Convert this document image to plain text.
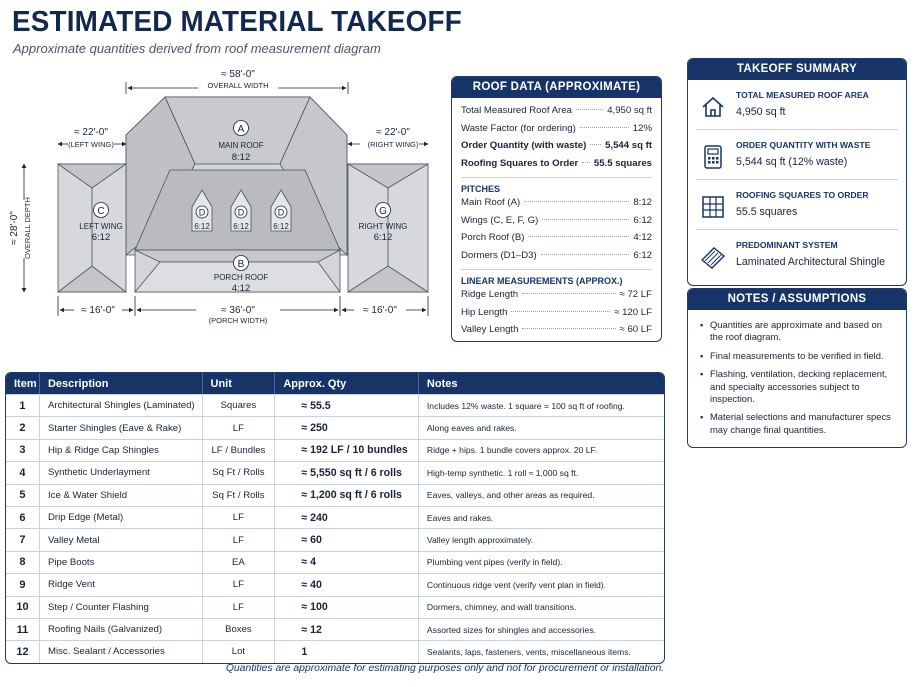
ESTIMATED MATERIAL TAKEOFF
Approximate quantities derived from roof measurement diagram
≈ 58'-0"
OVERALL WIDTH
≈ 22'-0"
(LEFT WING)
≈ 22'-0"
(RIGHT WING)
≈ 28'-0" OVERALL DEPTH	D
6:12
D
6:12
D
6:12
A
MAIN ROOF
8:12
C
LEFT WING
6:12
G
RIGHT WING
6:12
B
PORCH ROOF
4:12
≈ 16'-0"	≈ 36'-0"
(PORCH WIDTH)
≈ 16'-0"
ROOF DATA (APPROXIMATE)
Total Measured Roof Area	4,950 sq ft
Waste Factor (for ordering)	12%
Order Quantity (with waste) 5,544 sq ft
Roofing Squares to Order 55.5 squares
PITCHES
Main Roof (A)	8:12
Wings (C, E, F, G)	6:12
Porch Roof (B)	4:12
Dormers (D1–D3)	6:12
LINEAR MEASUREMENTS (APPROX.)
Ridge Length	≈ 72 LF
Hip Length	≈ 120 LF
Valley Length	≈ 60 LF
TAKEOFF SUMMARY
TOTAL MEASURED ROOF AREA
4,950 sq ft
ORDER QUANTITY WITH WASTE
5,544 sq ft (12% waste)
ROOFING SQUARES TO ORDER
55.5 squares
PREDOMINANT SYSTEM
Laminated Architectural Shingle
NOTES / ASSUMPTIONS
• Quantities are approximate and based on the roof diagram.
• Final measurements to be verified in field.
• Flashing, ventilation, decking replacement, and specialty accessories subject to inspection.
• Material selections and manufacturer specs may change final quantities.
Item	Description	Unit	Approx. Qty	Notes
1	Architectural Shingles (Laminated)	Squares	≈ 55.5	Includes 12% waste. 1 square = 100 sq ft of roofing.
2	Starter Shingles (Eave & Rake)	LF	≈ 250	Along eaves and rakes.
3	Hip & Ridge Cap Shingles	LF / Bundles	≈ 192 LF / 10 bundles	Ridge + hips. 1 bundle covers approx. 20 LF.
4	Synthetic Underlayment	Sq Ft / Rolls	≈ 5,550 sq ft / 6 rolls	High-temp synthetic. 1 roll ≈ 1,000 sq ft.
5	Ice & Water Shield	Sq Ft / Rolls	≈ 1,200 sq ft / 6 rolls	Eaves, valleys, and other areas as required.
6	Drip Edge (Metal)	LF	≈ 240	Eaves and rakes.
7	Valley Metal	LF	≈ 60	Valley length approximately.
8	Pipe Boots	EA	≈ 4	Plumbing vent pipes (verify in field).
9	Ridge Vent	LF	≈ 40	Continuous ridge vent (verify vent plan in field).
10	Step / Counter Flashing	LF	≈ 100	Dormers, chimney, and wall transitions.
11	Roofing Nails (Galvanized)	Boxes	≈ 12	Assorted sizes for shingles and accessories.
12	Misc. Sealant / Accessories	Lot	1	Sealants, laps, fasteners, vents, miscellaneous items.
Quantities are approximate for estimating purposes only and not for procurement or installation.
